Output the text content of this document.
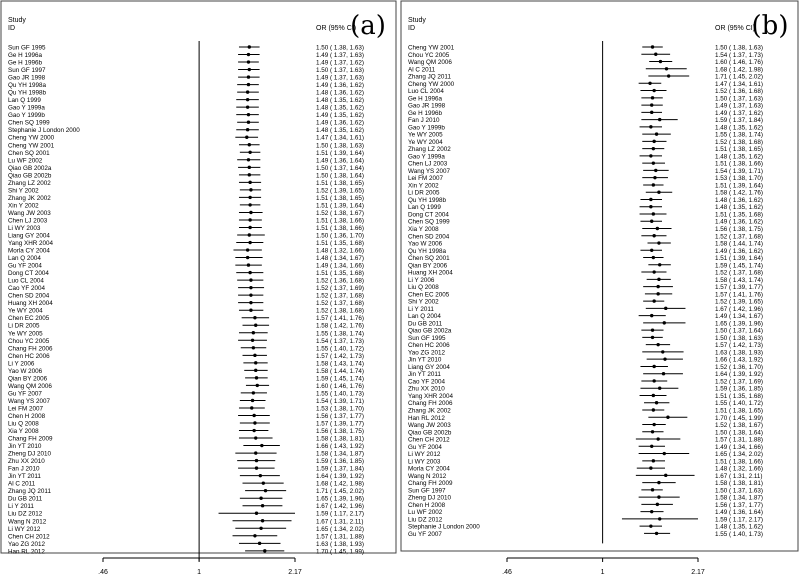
Study
ID	OR (95% CI)
(a)
Sun GF 1995	1.50 ( 1.38, 1.63)
Ge H 1996a	1.49 ( 1.37, 1.63)
Ge H 1996b	1.49 ( 1.37, 1.62)
Sun GF 1997	1.50 ( 1.37, 1.63)
Gao JR 1998	1.49 ( 1.37, 1.63)
Qu YH 1998a	1.49 ( 1.36, 1.62)
Qu YH 1998b	1.48 ( 1.36, 1.62)
Lan Q 1999	1.48 ( 1.35, 1.62)
Gao Y 1999a	1.48 ( 1.35, 1.62)
Gao Y 1999b	1.49 ( 1.35, 1.62)
Chen SQ 1999	1.49 ( 1.36, 1.62)
Stephanie J London 2000	1.48 ( 1.35, 1.62)
Cheng YW 2000	1.47 ( 1.34, 1.61)
Cheng YW 2001	1.50 ( 1.38, 1.63)
Chen SQ 2001	1.51 ( 1.39, 1.64)
Lu WF 2002	1.49 ( 1.36, 1.64)
Qiao GB 2002a	1.50 ( 1.37, 1.64)
Qiao GB 2002b	1.50 ( 1.38, 1.64)
Zhang LZ 2002	1.51 ( 1.38, 1.65)
Shi Y 2002	1.52 ( 1.39, 1.65)
Zhang JK 2002	1.51 ( 1.38, 1.65)
Xin Y 2002	1.51 ( 1.39, 1.64)
Wang JW 2003	1.52 ( 1.38, 1.67)
Chen LJ 2003	1.51 ( 1.38, 1.66)
Li WY 2003	1.51 ( 1.38, 1.66)
Liang GY 2004	1.50 ( 1.36, 1.70)
Yang XHR 2004	1.51 ( 1.35, 1.68)
Morla CY 2004	1.48 ( 1.32, 1.66)
Lan Q 2004	1.48 ( 1.34, 1.67)
Gu YF 2004	1.49 ( 1.34, 1.66)
Dong CT 2004	1.51 ( 1.35, 1.68)
Luo CL 2004	1.52 ( 1.36, 1.68)
Cao YF 2004	1.52 ( 1.37, 1.69)
Chen SD 2004	1.52 ( 1.37, 1.68)
Huang XH 2004	1.52 ( 1.37, 1.68)
Ye WY 2004	1.52 ( 1.38, 1.68)
Chen EC 2005	1.57 ( 1.41, 1.76)
Li DR 2005	1.58 ( 1.42, 1.76)
Ye WY 2005	1.55 ( 1.38, 1.74)
Chou YC 2005	1.54 ( 1.37, 1.73)
Chang FH 2006	1.55 ( 1.40, 1.72)
Chen HC 2006	1.57 ( 1.42, 1.73)
Li Y 2006	1.58 ( 1.43, 1.74)
Yao W 2006	1.58 ( 1.44, 1.74)
Qian BY 2006	1.59 ( 1.45, 1.74)
Wang QM 2006	1.60 ( 1.46, 1.76)
Gu YF 2007	1.55 ( 1.40, 1.73)
Wang YS 2007	1.54 ( 1.39, 1.71)
Lei FM 2007	1.53 ( 1.38, 1.70)
Chen H 2008	1.56 ( 1.37, 1.77)
Liu Q 2008	1.57 ( 1.39, 1.77)
Xia Y 2008	1.56 ( 1.38, 1.75)
Chang FH 2009	1.58 ( 1.38, 1.81)
Jin YT 2010	1.66 ( 1.43, 1.92)
Zheng DJ 2010	1.58 ( 1.34, 1.87)
Zhu XX 2010	1.59 ( 1.36, 1.85)
Fan J 2010	1.59 ( 1.37, 1.84)
Jin YT 2011	1.64 ( 1.39, 1.92)
Al C 2011	1.68 ( 1.42, 1.98)
Zhang JQ 2011	1.71 ( 1.45, 2.02)
Du GB 2011	1.65 ( 1.39, 1.96)
Li Y 2011	1.67 ( 1.42, 1.96)
Liu DZ 2012	1.59 ( 1.17, 2.17)
Wang N 2012	1.67 ( 1.31, 2.11)
Li WY 2012	1.65 ( 1.34, 2.02)
Chen CH 2012	1.57 ( 1.31, 1.88)
Yao ZG 2012	1.63 ( 1.38, 1.93)
Han RL 2012	1.70 ( 1.45, 1.99)
.46	1	2.17
Study
ID	OR (95% CI)
(b)
Cheng YW 2001	1.50 ( 1.38, 1.63)
Chou YC 2005	1.54 ( 1.37, 1.73)
Wang QM 2006	1.60 ( 1.46, 1.76)
Al C 2011	1.68 ( 1.42, 1.98)
Zhang JQ 2011	1.71 ( 1.45, 2.02)
Cheng YW 2000	1.47 ( 1.34, 1.61)
Luo CL 2004	1.52 ( 1.36, 1.68)
Ge H 1996a	1.50 ( 1.37, 1.63)
Gao JR 1998	1.49 ( 1.37, 1.63)
Ge H 1996b	1.49 ( 1.37, 1.62)
Fan J 2010	1.59 ( 1.37, 1.84)
Gao Y 1999b	1.48 ( 1.35, 1.62)
Ye WY 2005	1.55 ( 1.38, 1.74)
Ye WY 2004	1.52 ( 1.38, 1.68)
Zhang LZ 2002	1.51 ( 1.38, 1.65)
Gao Y 1999a	1.48 ( 1.35, 1.62)
Chen LJ 2003	1.51 ( 1.38, 1.66)
Wang YS 2007	1.54 ( 1.39, 1.71)
Lei FM 2007	1.53 ( 1.38, 1.70)
Xin Y 2002	1.51 ( 1.39, 1.64)
Li DR 2005	1.58 ( 1.42, 1.76)
Qu YH 1998b	1.48 ( 1.36, 1.62)
Lan Q 1999	1.48 ( 1.35, 1.62)
Dong CT 2004	1.51 ( 1.35, 1.68)
Chen SQ 1999	1.49 ( 1.36, 1.62)
Xia Y 2008	1.56 ( 1.38, 1.75)
Chen SD 2004	1.52 ( 1.37, 1.68)
Yao W 2006	1.58 ( 1.44, 1.74)
Qu YH 1998a	1.49 ( 1.36, 1.62)
Chen SQ 2001	1.51 ( 1.39, 1.64)
Qian BY 2006	1.59 ( 1.45, 1.74)
Huang XH 2004	1.52 ( 1.37, 1.68)
Li Y 2006	1.58 ( 1.43, 1.74)
Liu Q 2008	1.57 ( 1.39, 1.77)
Chen EC 2005	1.57 ( 1.41, 1.76)
Shi Y 2002	1.52 ( 1.39, 1.65)
Li Y 2011	1.67 ( 1.42, 1.96)
Lan Q 2004	1.49 ( 1.34, 1.67)
Du GB 2011	1.65 ( 1.39, 1.96)
Qiao GB 2002a	1.50 ( 1.37, 1.64)
Sun GF 1995	1.50 ( 1.38, 1.63)
Chen HC 2006	1.57 ( 1.42, 1.73)
Yao ZG 2012	1.63 ( 1.38, 1.93)
Jin YT 2010	1.66 ( 1.43, 1.92)
Liang GY 2004	1.52 ( 1.36, 1.70)
Jin YT 2011	1.64 ( 1.39, 1.92)
Cao YF 2004	1.52 ( 1.37, 1.69)
Zhu XX 2010	1.59 ( 1.36, 1.85)
Yang XHR 2004	1.51 ( 1.35, 1.68)
Chang FH 2006	1.55 ( 1.40, 1.72)
Zhang JK 2002	1.51 ( 1.38, 1.65)
Han RL 2012	1.70 ( 1.45, 1.99)
Wang JW 2003	1.52 ( 1.38, 1.67)
Qiao GB 2002b	1.50 ( 1.38, 1.64)
Chen CH 2012	1.57 ( 1.31, 1.88)
Gu YF 2004	1.49 ( 1.34, 1.66)
Li WY 2012	1.65 ( 1.34, 2.02)
Li WY 2003	1.51 ( 1.38, 1.66)
Morla CY 2004	1.48 ( 1.32, 1.66)
Wang N 2012	1.67 ( 1.31, 2.11)
Chang FH 2009	1.58 ( 1.38, 1.81)
Sun GF 1997	1.50 ( 1.37, 1.63)
Zheng DJ 2010	1.58 ( 1.34, 1.87)
Chen H 2008	1.56 ( 1.37, 1.77)
Lu WF 2002	1.49 ( 1.36, 1.64)
Liu DZ 2012	1.59 ( 1.17, 2.17)
Stephanie J London 2000	1.48 ( 1.35, 1.62)
Gu YF 2007	1.55 ( 1.40, 1.73)
.46	1	2.17
